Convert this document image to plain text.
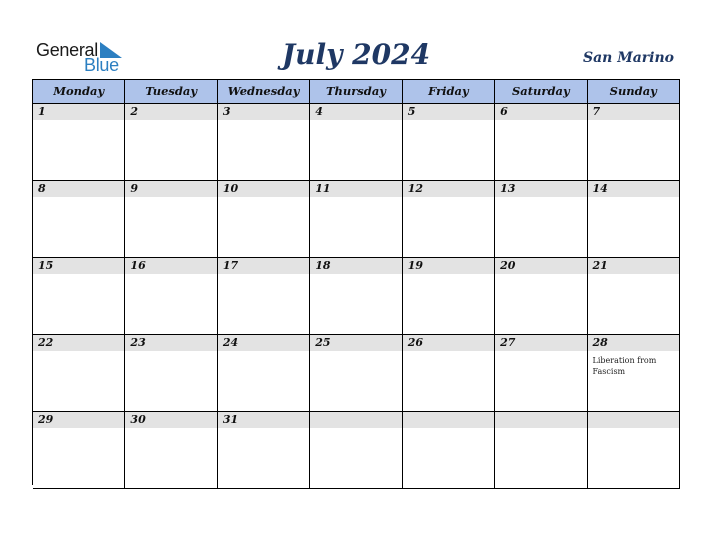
General
Blue	July 2024	San Marino
Monday	Tuesday	Wednesday	Thursday	Friday	Saturday	Sunday
1	2	3	4	5	6	7
8	9	10	11	12	13	14
15	16	17	18	19	20	21
22	23	24	25	26	27	28
Liberation from Fascism
29	30	31
